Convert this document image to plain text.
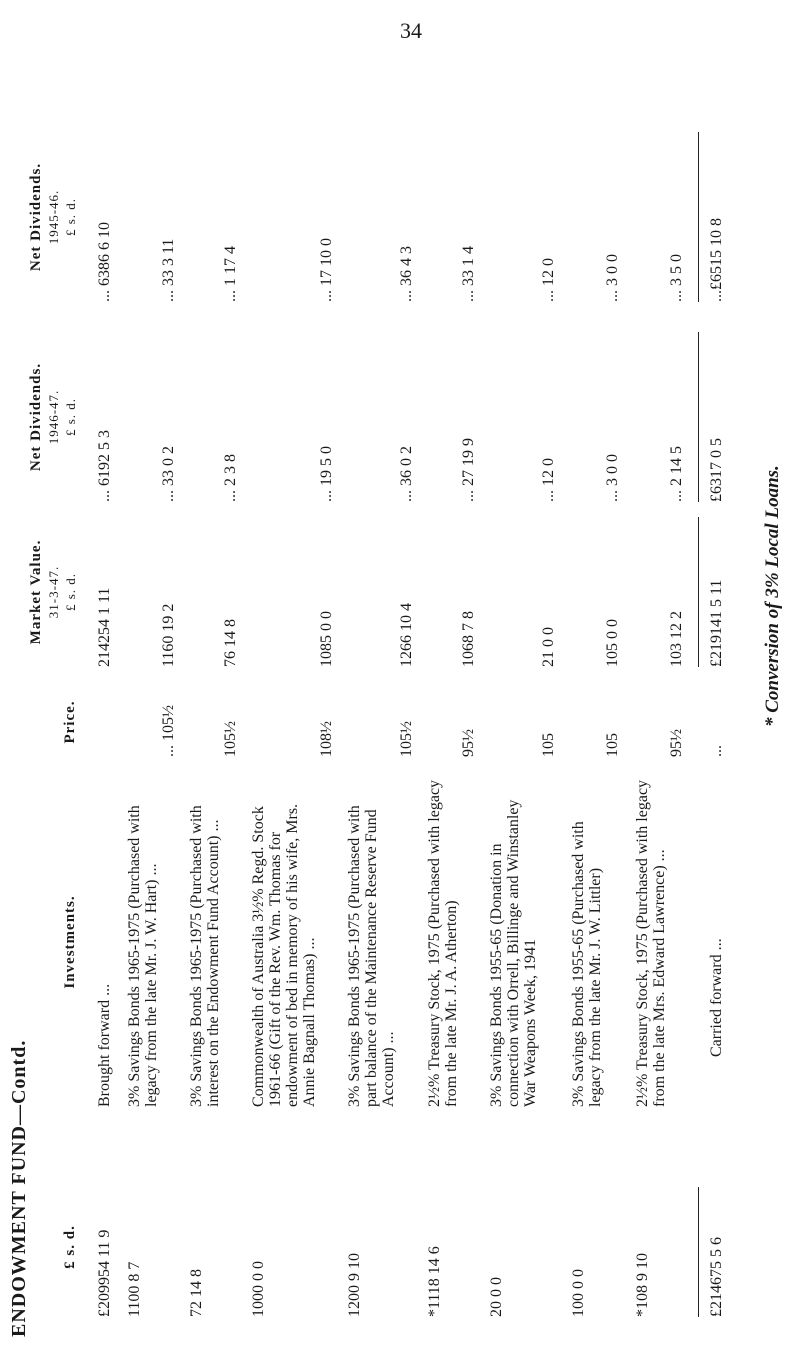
34
ENDOWMENT FUND—Contd.
Investments.
Price.
Market Value. 31-3-47. £ s. d.
Net Dividends. 1946-47. £ s. d.
Net Dividends. 1945-46. £ s. d.
£ s. d. £209954 11 9
Brought forward ...
214254 1 11
... 6192 5 3
... 6386 6 10
1100 8 7
3% Savings Bonds 1965-1975 (Purchased with legacy from the late Mr. J. W. Hart) ...
... 105½
1160 19 2
... 33 0 2
... 33 3 11
72 14 8
3% Savings Bonds 1965-1975 (Purchased with interest on the Endowment Fund Account) ...
105½
76 14 8
... 2 3 8
... 1 17 4
1000 0 0
Commonwealth of Australia 3½% Regd. Stock 1961-66 (Gift of the Rev. Wm. Thomas for endowment of bed in memory of his wife, Mrs. Annie Bagnall Thomas) ...
108½
1085 0 0
... 19 5 0
... 17 10 0
1200 9 10
3% Savings Bonds 1965-1975 (Purchased with part balance of the Maintenance Reserve Fund Account) ...
105½
1266 10 4
... 36 0 2
... 36 4 3
*1118 14 6
2½% Treasury Stock, 1975 (Purchased with legacy from the late Mr. J. A. Atherton)
95½
1068 7 8
... 27 19 9
... 33 1 4
20 0 0
3% Savings Bonds 1955-65 (Donation in connection with Orrell, Billinge and Winstanley War Weapons Week, 1941
105
21 0 0
... 12 0
... 12 0
100 0 0
3% Savings Bonds 1955-65 (Purchased with legacy from the late Mr. J. W. Littler)
105
105 0 0
... 3 0 0
... 3 0 0
*108 9 10
2½% Treasury Stock, 1975 (Purchased with legacy from the late Mrs. Edward Lawrence) ...
95½
103 12 2
... 2 14 5
... 3 5 0
£214675 5 6
Carried forward ...
...
£219141 5 11
£6317 0 5
...£6515 10 8
* Conversion of 3% Local Loans.
